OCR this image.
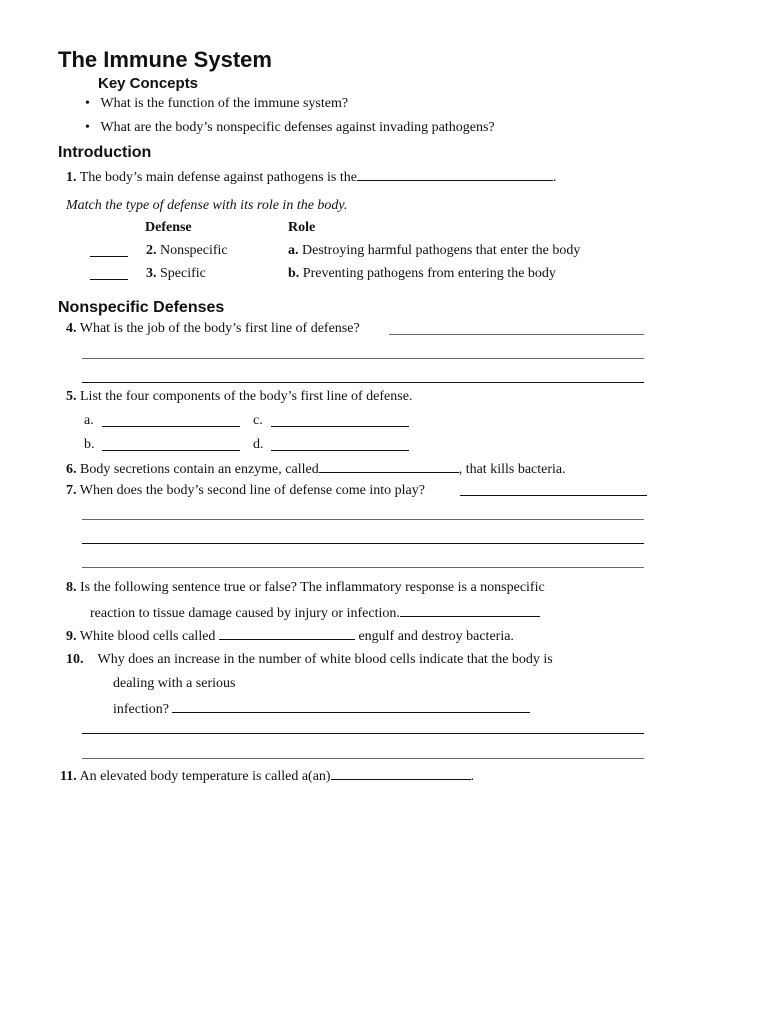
The Immune System
Key Concepts
•   What is the function of the immune system?
•   What are the body’s nonspecific defenses against invading pathogens?
Introduction
1. The body’s main defense against pathogens is the	.
Match the type of defense with its role in the body.
Defense	Role
2. Nonspecific	a. Destroying harmful pathogens that enter the body
3. Specific	b. Preventing pathogens from entering the body
Nonspecific Defenses
4. What is the job of the body’s first line of defense?
5. List the four components of the body’s first line of defense.
a.	c.
b.	d.
6. Body secretions contain an enzyme, called	, that kills bacteria.
7. When does the body’s second line of defense come into play?
8. Is the following sentence true or false? The inflammatory response is a nonspecific
reaction to tissue damage caused by injury or infection.
9. White blood cells called	engulf and destroy bacteria.
10. Why does an increase in the number of white blood cells indicate that the body is
dealing with a serious
infection?
11. An elevated body temperature is called a(an)	.
